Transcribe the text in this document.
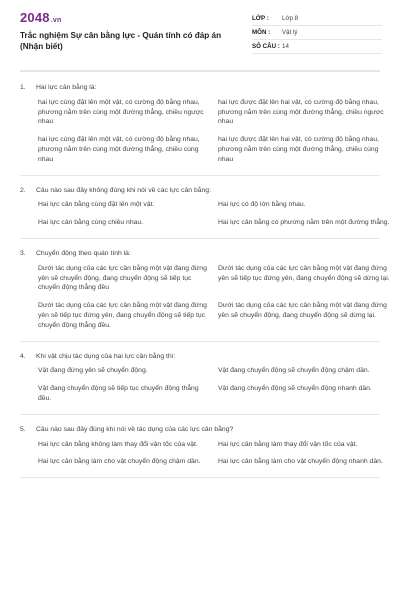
2048.vn
Trắc nghiệm Sự cân bằng lực - Quán tính có đáp án (Nhận biết)
LỚP :	Lớp 8
MÔN :	Vật lý
SỐ CÂU : 14
1.	Hai lực cân bằng là:
hai lực cùng đặt lên một vật, có cường độ bằng nhau, phương nằm trên cùng một đường thẳng, chiều ngược nhau
hai lực được đặt lên hai vật, có cường độ bằng nhau, phương nằm trên cùng một đường thẳng, chiều ngược nhau
hai lực cùng đặt lên một vật, có cường độ bằng nhau, phương nằm trên cùng một đường thẳng, chiều cùng nhau
hai lực được đặt lên hai vật, có cường độ bằng nhau, phương nằm trên cùng một đường thẳng, chiều cùng nhau
2.	Câu nào sau đây không đúng khi nói về các lực cân bằng:
Hai lực cân bằng cùng đặt lên một vật.	Hai lực có độ lớn bằng nhau.
Hai lực cân bằng cùng chiều nhau.	Hai lực cân bằng có phương nằm trên một đường thẳng.
3.	Chuyển động theo quán tính là:
Dưới tác dụng của các lực cân bằng một vật đang đứng yên sẽ chuyển động, đang chuyển động sẽ tiếp tục chuyển động thẳng đều
Dưới tác dụng của các lực cân bằng một vật đang đứng yên sẽ tiếp tục đứng yên, đang chuyển động sẽ dừng lại.
Dưới tác dụng của các lực cân bằng một vật đang đứng yên sẽ tiếp tục đứng yên, đang chuyển động sẽ tiếp tục chuyển động thẳng đều.
Dưới tác dụng của các lực cân bằng một vật đang đứng yên sẽ chuyển động, đang chuyển động sẽ dừng lại.
4.	Khi vật chịu tác dụng của hai lực cân bằng thì:
Vật đang đứng yên sẽ chuyển động.	Vật đang chuyển động sẽ chuyển động chậm dần.
Vật đang chuyển động sẽ tiếp tục chuyển động thẳng đều.
Vật đang chuyển động sẽ chuyển động nhanh dần.
5.	Câu nào sau đây đúng khi nói về tác dụng của các lực cân bằng?
Hai lực cân bằng không làm thay đổi vận tốc của vật.	Hai lực cân bằng làm thay đổi vận tốc của vật.
Hai lực cân bằng làm cho vật chuyển động chậm dần.	Hai lực cân bằng làm cho vật chuyển động nhanh dần.
